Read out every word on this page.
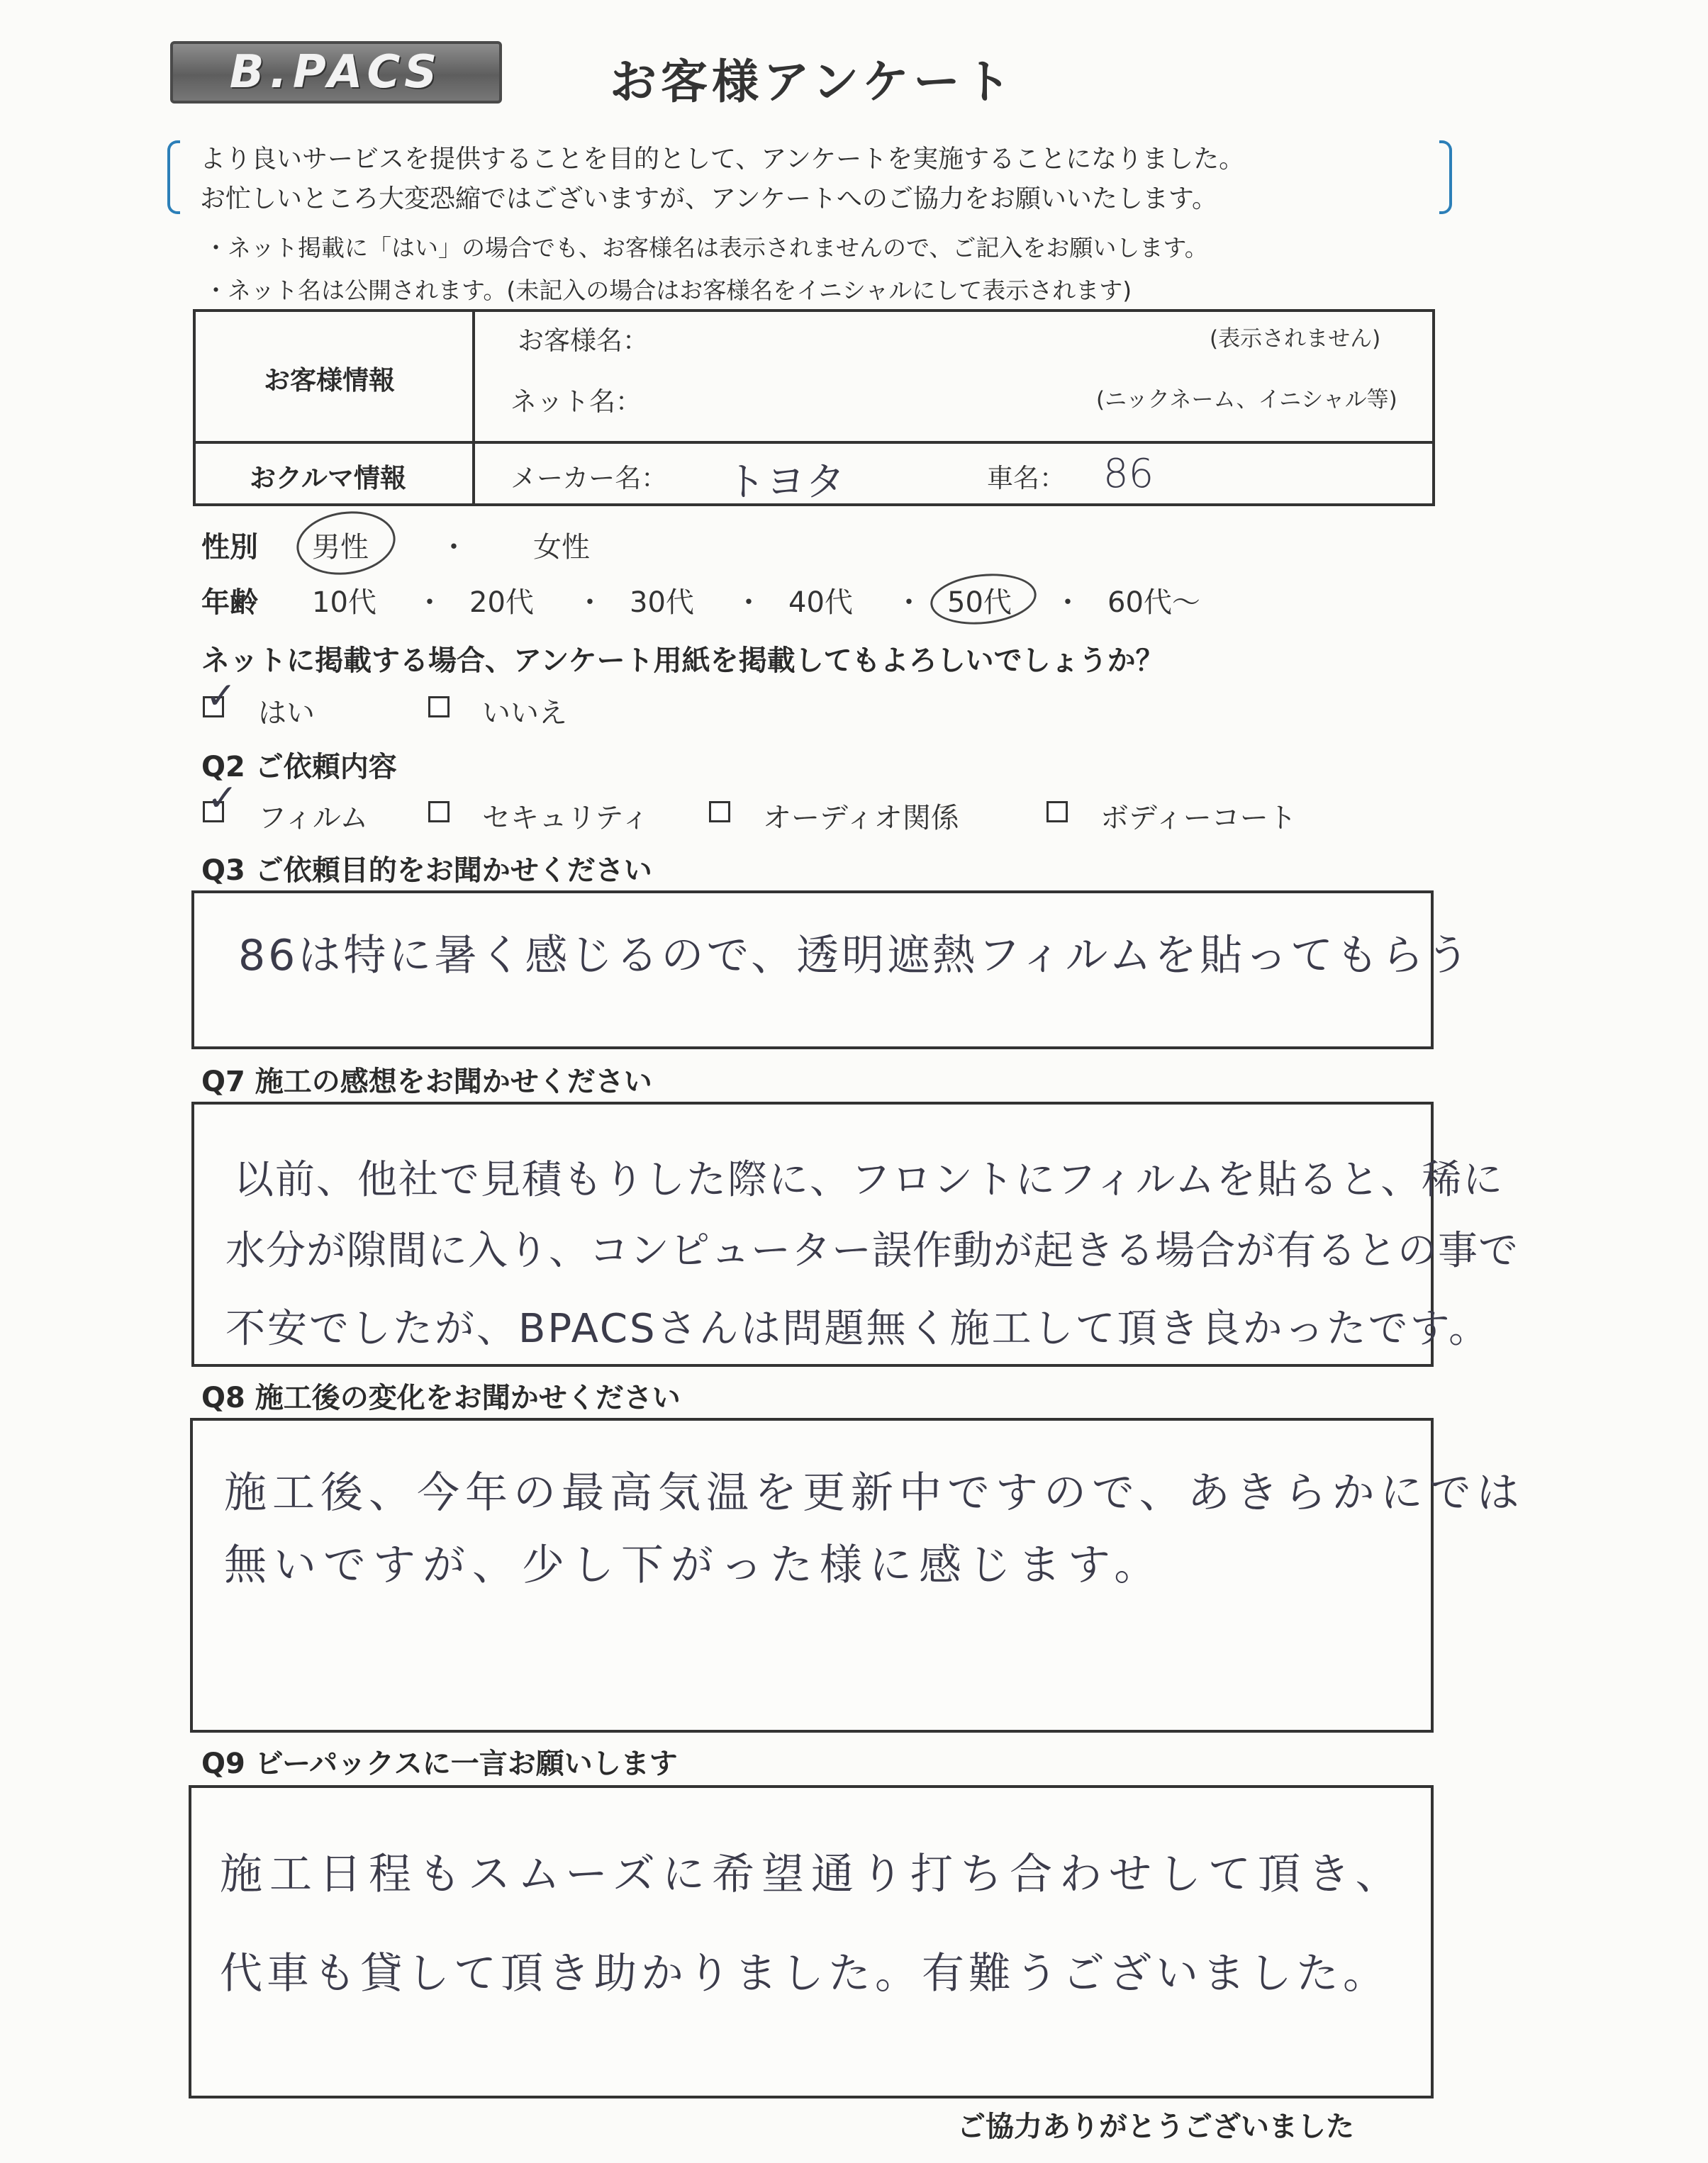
B.PACS	お客様アンケート
より良いサービスを提供することを目的として、アンケートを実施することになりました。
お忙しいところ大変恐縮ではございますが、アンケートへのご協力をお願いいたします。
・ネット掲載に「はい」の場合でも、お客様名は表示されませんので、ご記入をお願いします。
・ネット名は公開されます。(未記入の場合はお客様名をイニシャルにして表示されます)
お客様情報
お客様名：	(表示されません)
ネット名：	(ニックネーム、イニシャル等)
おクルマ情報	メーカー名： トヨタ	車名： 86
性別 男性	・ 女性
年齢 10代 ・ 20代 ・ 30代 ・ 40代 ・ 50代 ・ 60代～
ネットに掲載する場合、アンケート用紙を掲載してもよろしいでしょうか？
✓ はい	いいえ
Q2 ご依頼内容
✓ フィルム	セキュリティ	オーディオ関係	ボディーコート
Q3 ご依頼目的をお聞かせください
86は特に暑く感じるので、透明遮熱フィルムを貼ってもらう
Q7 施工の感想をお聞かせください
以前、他社で見積もりした際に、フロントにフィルムを貼ると、稀に
水分が隙間に入り、コンピューター誤作動が起きる場合が有るとの事で
不安でしたが、BPACSさんは問題無く施工して頂き良かったです。
Q8 施工後の変化をお聞かせください
施工後、今年の最高気温を更新中ですので、あきらかにでは
無いですが、少し下がった様に感じます。
Q9 ビーパックスに一言お願いします
施工日程もスムーズに希望通り打ち合わせして頂き、
代車も貸して頂き助かりました。有難うございました。
ご協力ありがとうございました
